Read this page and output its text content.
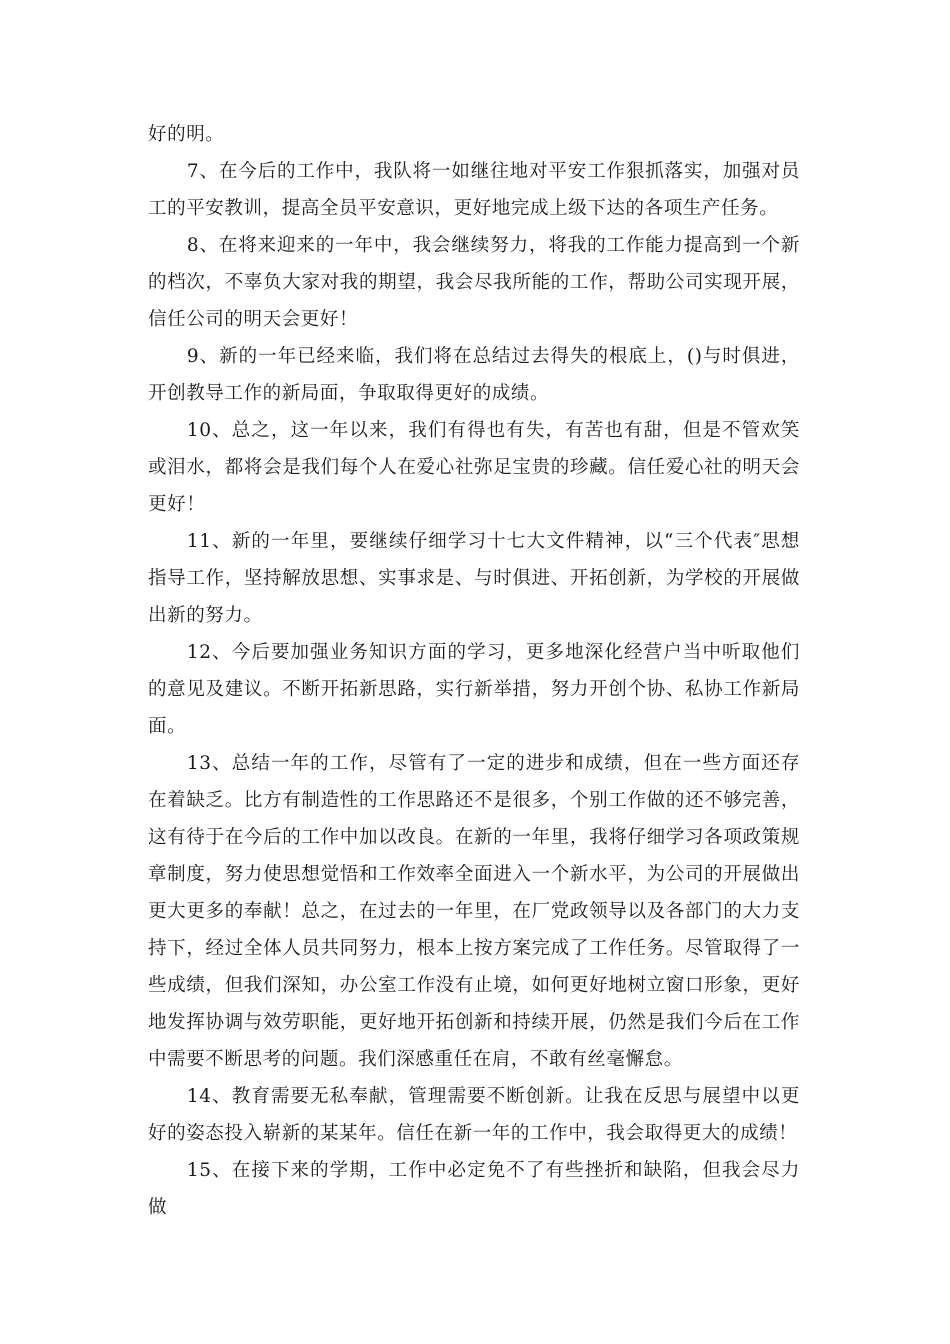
好的明。

7、在今后的工作中，我队将一如继往地对平安工作狠抓落实，加强对员工的平安教训，提高全员平安意识，更好地完成上级下达的各项生产任务。

8、在将来迎来的一年中，我会继续努力，将我的工作能力提高到一个新的档次，不辜负大家对我的期望，我会尽我所能的工作，帮助公司实现开展，信任公司的明天会更好！

9、新的一年已经来临，我们将在总结过去得失的根底上，()与时俱进，开创教导工作的新局面，争取取得更好的成绩。

10、总之，这一年以来，我们有得也有失，有苦也有甜，但是不管欢笑或泪水，都将会是我们每个人在爱心社弥足宝贵的珍藏。信任爱心社的明天会更好！

11、新的一年里，要继续仔细学习十七大文件精神，以“三个代表″思想指导工作，坚持解放思想、实事求是、与时俱进、开拓创新，为学校的开展做出新的努力。

12、今后要加强业务知识方面的学习，更多地深化经营户当中听取他们的意见及建议。不断开拓新思路，实行新举措，努力开创个协、私协工作新局面。

13、总结一年的工作，尽管有了一定的进步和成绩，但在一些方面还存在着缺乏。比方有制造性的工作思路还不是很多，个别工作做的还不够完善，这有待于在今后的工作中加以改良。在新的一年里，我将仔细学习各项政策规章制度，努力使思想觉悟和工作效率全面进入一个新水平，为公司的开展做出更大更多的奉献！总之，在过去的一年里，在厂党政领导以及各部门的大力支持下，经过全体人员共同努力，根本上按方案完成了工作任务。尽管取得了一些成绩，但我们深知，办公室工作没有止境，如何更好地树立窗口形象，更好地发挥协调与效劳职能，更好地开拓创新和持续开展，仍然是我们今后在工作中需要不断思考的问题。我们深感重任在肩，不敢有丝毫懈怠。

14、教育需要无私奉献，管理需要不断创新。让我在反思与展望中以更好的姿态投入崭新的某某年。信任在新一年的工作中，我会取得更大的成绩！

15、在接下来的学期，工作中必定免不了有些挫折和缺陷，但我会尽力做
